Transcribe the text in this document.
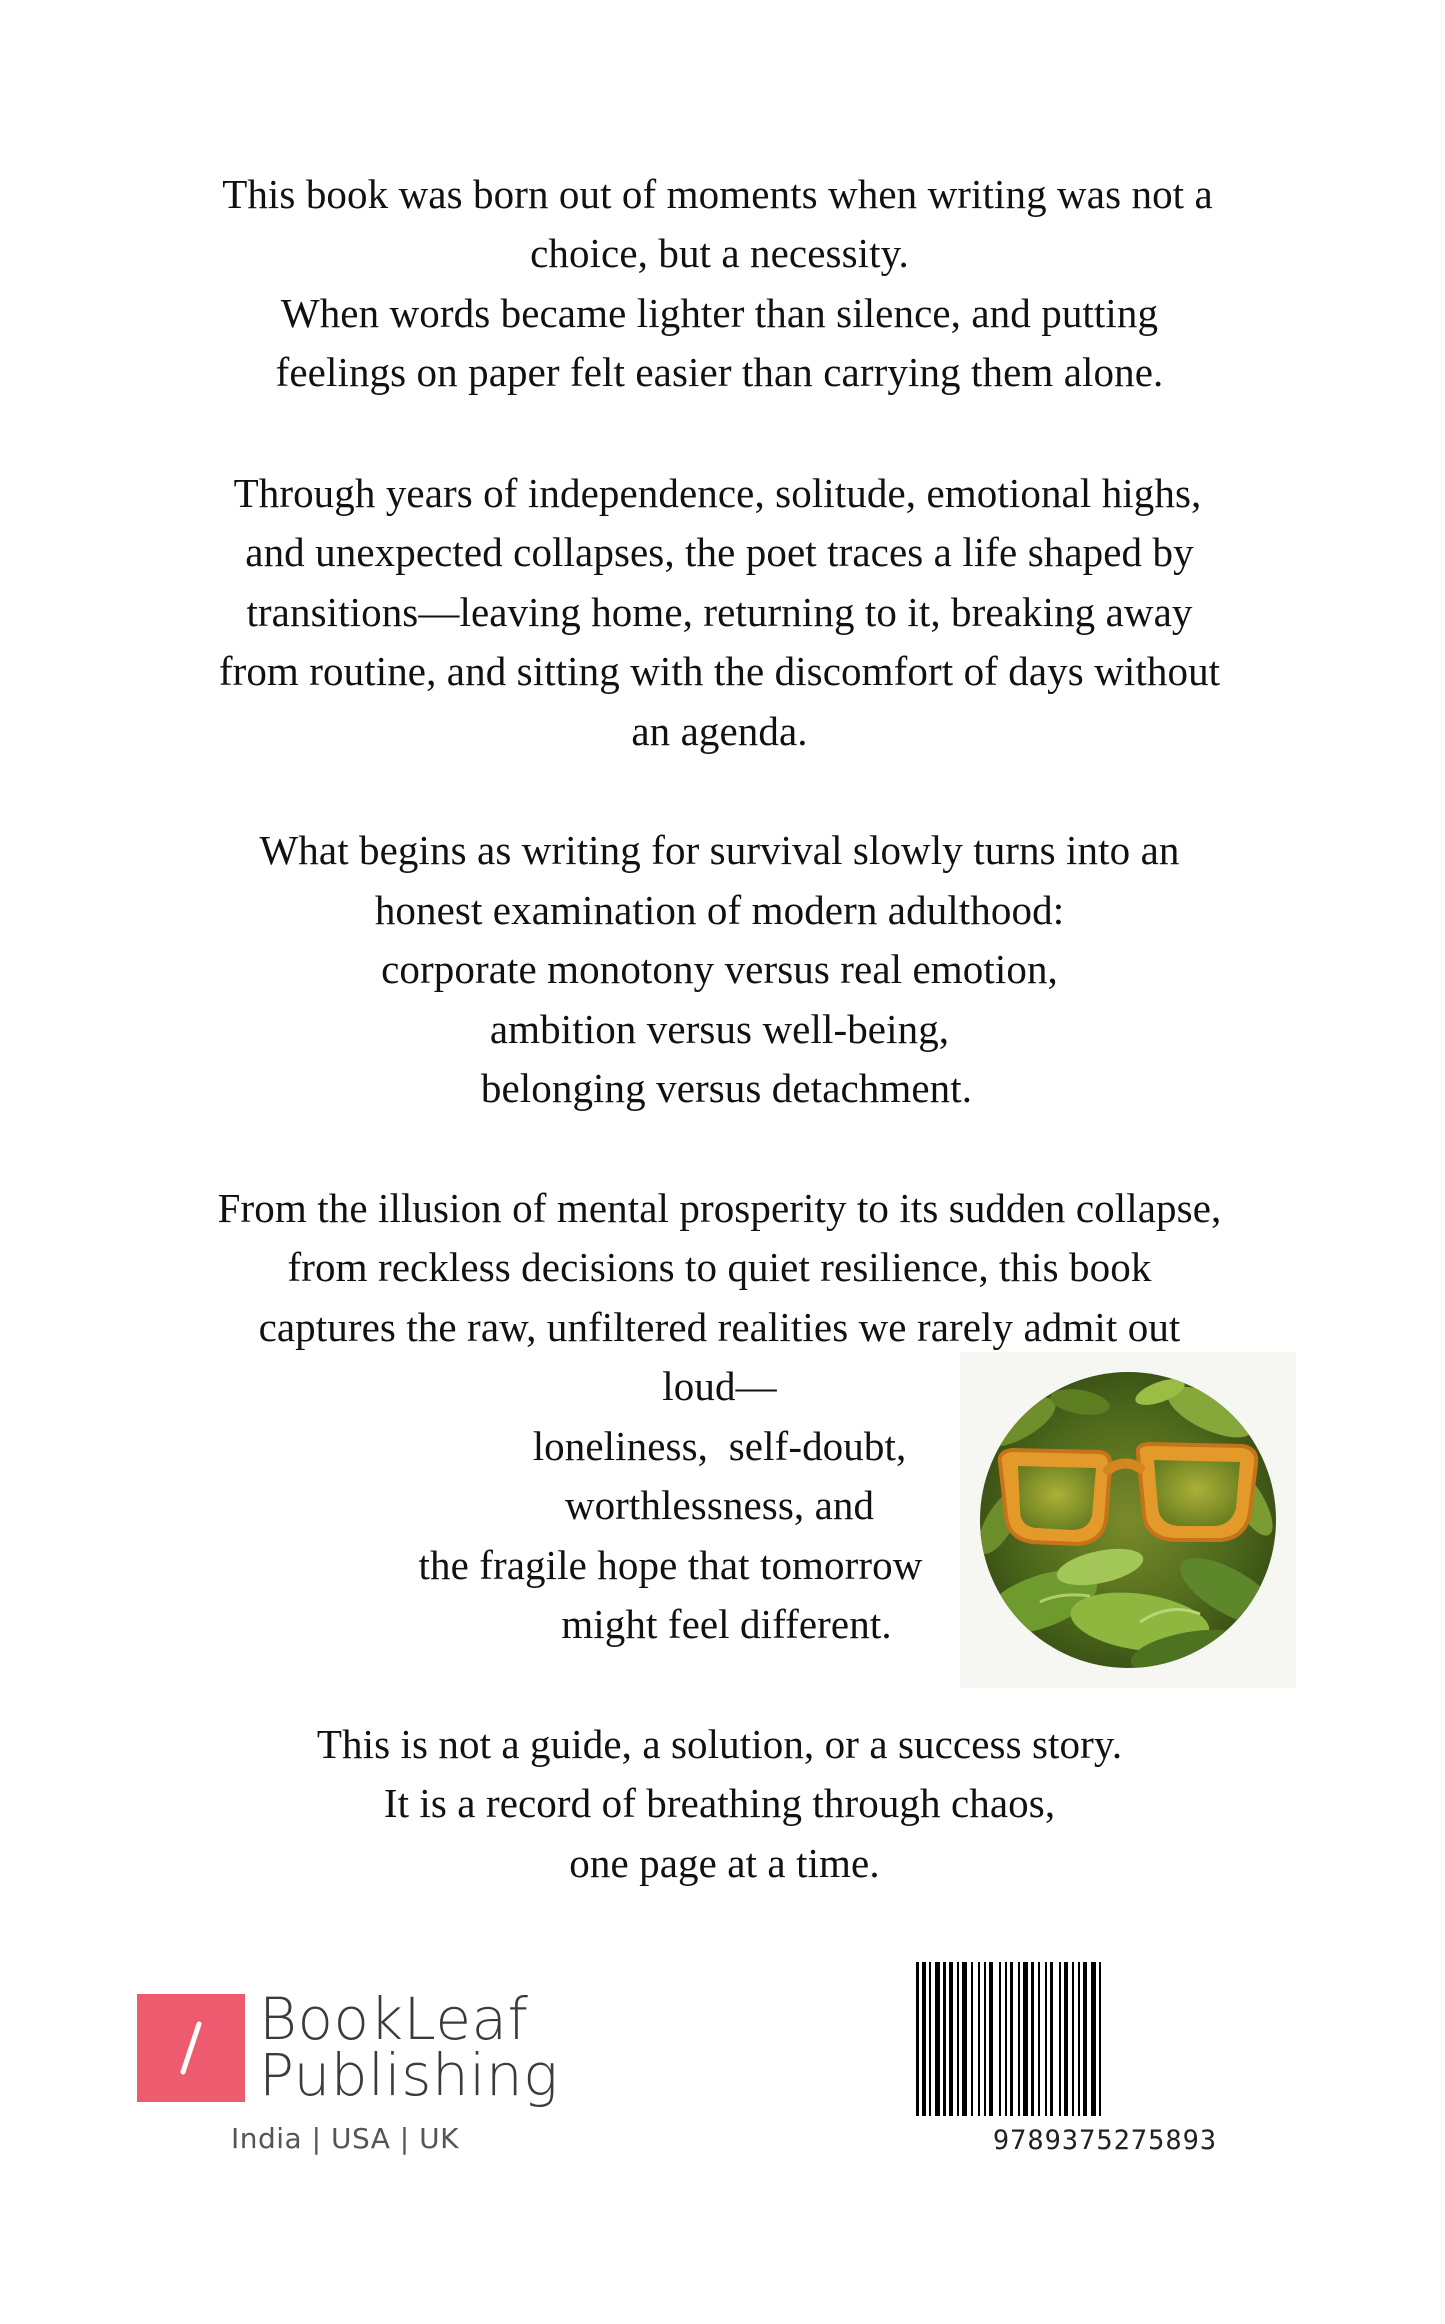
This book was born out of moments when writing was not a
choice, but a necessity.
When words became lighter than silence, and putting
feelings on paper felt easier than carrying them alone.
Through years of independence, solitude, emotional highs,
and unexpected collapses, the poet traces a life shaped by
transitions—leaving home, returning to it, breaking away
from routine, and sitting with the discomfort of days without
an agenda.
What begins as writing for survival slowly turns into an
honest examination of modern adulthood:
corporate monotony versus real emotion,
ambition versus well-being,
belonging versus detachment.
From the illusion of mental prosperity to its sudden collapse,
from reckless decisions to quiet resilience, this book
captures the raw, unfiltered realities we rarely admit out
loud—
loneliness,  self-doubt,
worthlessness, and
the fragile hope that tomorrow
might feel different.
This is not a guide, a solution, or a success story.
It is a record of breathing through chaos,
one page at a time.
BookLeaf
Publishing
India | USA | UK	9789375275893
